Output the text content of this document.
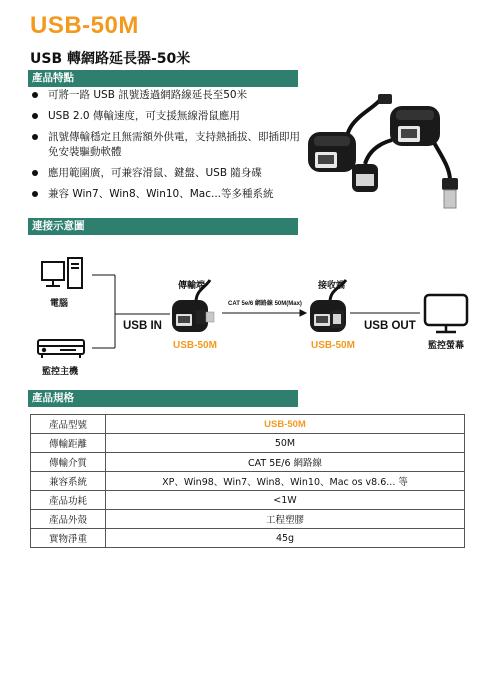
USB-50M
USB 轉網路延長器-50米
產品特點
可將一路 USB 訊號透過網路線延長至50米
USB 2.0 傳輸速度，可支援無線滑鼠應用
訊號傳輸穩定且無需額外供電，支持熱插拔、即插即用 免安裝驅動軟體
應用範圍廣，可兼容滑鼠、鍵盤、USB 隨身碟
兼容 Win7、Win8、Win10、Mac...等多種系統
連接示意圖
電腦
監控主機
傳輸端	接收端
CAT 5e/6 網路線 50M(Max)
USB IN	USB OUT
USB-50M	USB-50M	監控螢幕
產品規格
產品型號	USB-50M
傳輸距離	50M
傳輸介質	CAT 5E/6 網路線
兼容系統	XP、Win98、Win7、Win8、Win10、Mac os v8.6... 等
產品功耗	<1W
產品外殼	工程塑膠
實物淨重	45g
